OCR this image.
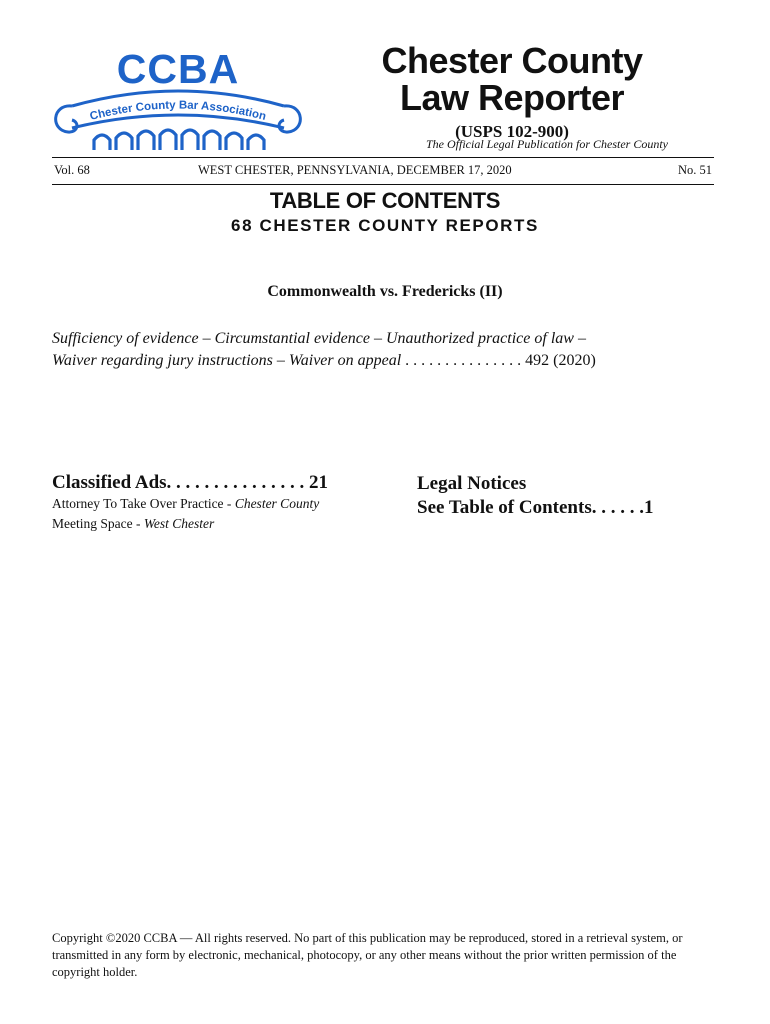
CCBA
Chester County Bar Association
Chester County
Law Reporter
(USPS 102-900)
The Official Legal Publication for Chester County
Vol. 68	WEST CHESTER, PENNSYLVANIA, DECEMBER 17, 2020	No. 51
TABLE OF CONTENTS
68 CHESTER COUNTY REPORTS
Commonwealth vs. Fredericks (II)
Sufficiency of evidence – Circumstantial evidence – Unauthorized practice of law –
Waiver regarding jury instructions – Waiver on appeal . . . . . . . . . . . . . . . 492 (2020)
Classified Ads. . . . . . . . . . . . . . . 21
Attorney To Take Over Practice - Chester County
Meeting Space - West Chester
Legal Notices
See Table of Contents. . . . . .1
Copyright ©2020 CCBA — All rights reserved. No part of this publication may be reproduced, stored in a retrieval system, or transmitted in any form by electronic, mechanical, photocopy, or any other means without the prior written permission of the copyright holder.
